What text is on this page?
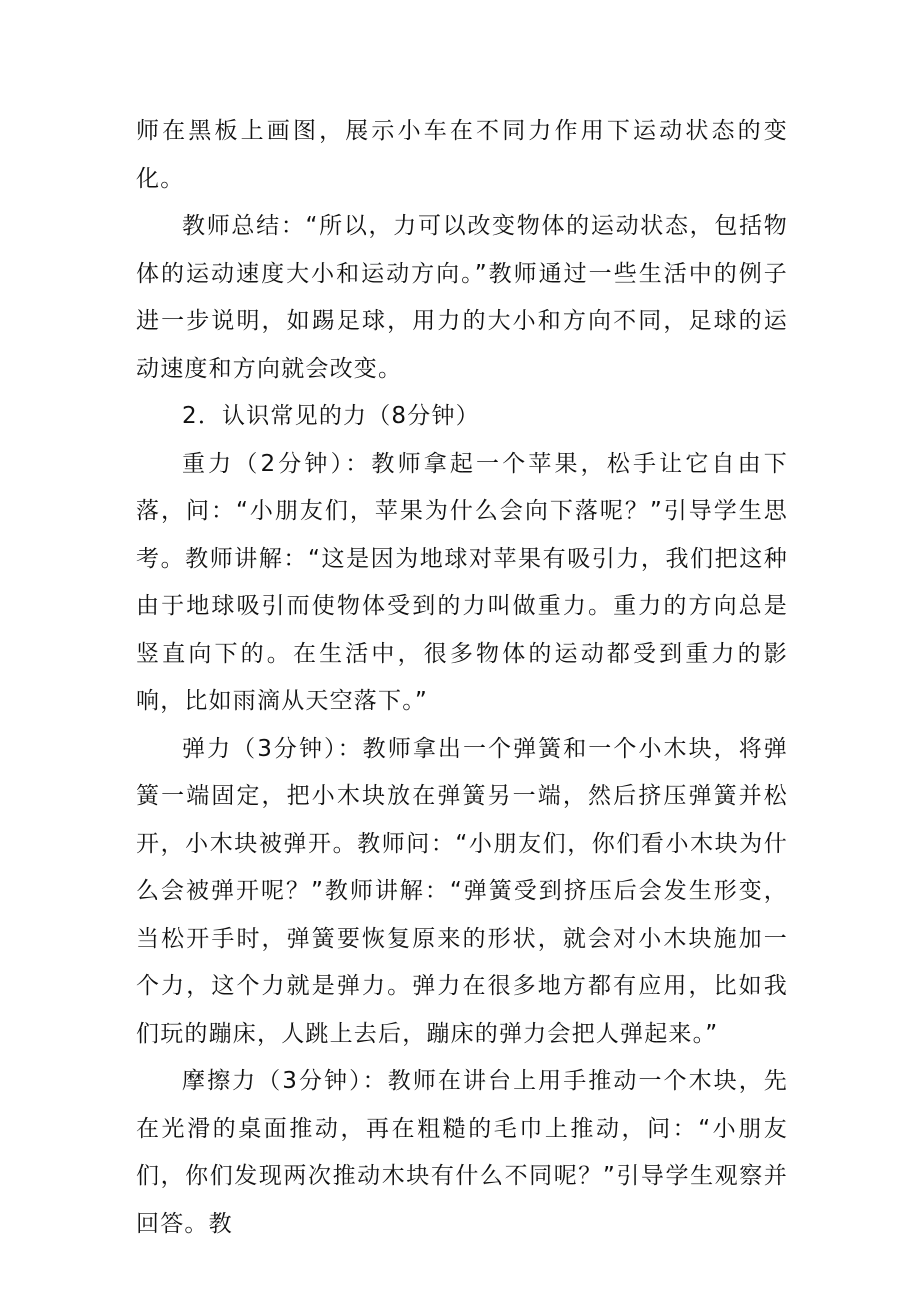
师在黑板上画图，展示小车在不同力作用下运动状态的变化。

教师总结：“所以，力可以改变物体的运动状态，包括物体的运动速度大小和运动方向。”教师通过一些生活中的例子进一步说明，如踢足球，用力的大小和方向不同，足球的运动速度和方向就会改变。

2．认识常见的力（8分钟）

重力（2分钟）：教师拿起一个苹果，松手让它自由下落，问：“小朋友们，苹果为什么会向下落呢？”引导学生思考。教师讲解：“这是因为地球对苹果有吸引力，我们把这种由于地球吸引而使物体受到的力叫做重力。重力的方向总是竖直向下的。在生活中，很多物体的运动都受到重力的影响，比如雨滴从天空落下。”

弹力（3分钟）：教师拿出一个弹簧和一个小木块，将弹簧一端固定，把小木块放在弹簧另一端，然后挤压弹簧并松开，小木块被弹开。教师问：“小朋友们，你们看小木块为什么会被弹开呢？”教师讲解：“弹簧受到挤压后会发生形变，当松开手时，弹簧要恢复原来的形状，就会对小木块施加一个力，这个力就是弹力。弹力在很多地方都有应用，比如我们玩的蹦床，人跳上去后，蹦床的弹力会把人弹起来。”

摩擦力（3分钟）：教师在讲台上用手推动一个木块，先在光滑的桌面推动，再在粗糙的毛巾上推动，问：“小朋友们，你们发现两次推动木块有什么不同呢？”引导学生观察并回答。教
